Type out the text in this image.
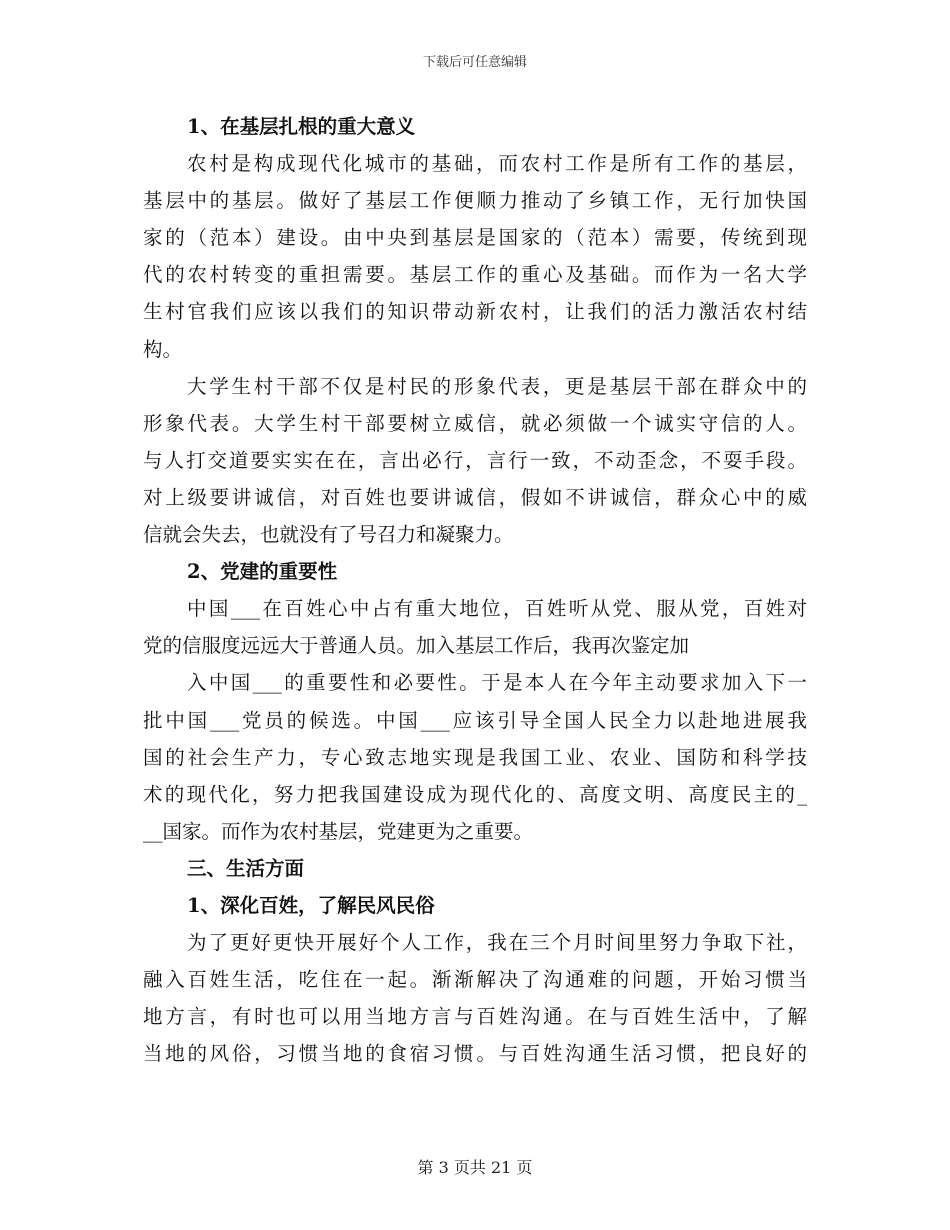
下载后可任意编辑
1、在基层扎根的重大意义
农村是构成现代化城市的基础，而农村工作是所有工作的基层，
基层中的基层。做好了基层工作便顺力推动了乡镇工作，无行加快国
家的（范本）建设。由中央到基层是国家的（范本）需要，传统到现
代的农村转变的重担需要。基层工作的重心及基础。而作为一名大学
生村官我们应该以我们的知识带动新农村，让我们的活力激活农村结
构。
大学生村干部不仅是村民的形象代表，更是基层干部在群众中的
形象代表。大学生村干部要树立威信，就必须做一个诚实守信的人。
与人打交道要实实在在，言出必行，言行一致，不动歪念，不耍手段。
对上级要讲诚信，对百姓也要讲诚信，假如不讲诚信，群众心中的威
信就会失去，也就没有了号召力和凝聚力。
2、党建的重要性
中国___在百姓心中占有重大地位，百姓听从党、服从党，百姓对
党的信服度远远大于普通人员。加入基层工作后，我再次鉴定加
入中国___的重要性和必要性。于是本人在今年主动要求加入下一
批中国___党员的候选。中国___应该引导全国人民全力以赴地进展我
国的社会生产力，专心致志地实现是我国工业、农业、国防和科学技
术的现代化，努力把我国建设成为现代化的、高度文明、高度民主的_
__国家。而作为农村基层，党建更为之重要。
三、生活方面
1、深化百姓，了解民风民俗
为了更好更快开展好个人工作，我在三个月时间里努力争取下社，
融入百姓生活，吃住在一起。渐渐解决了沟通难的问题，开始习惯当
地方言，有时也可以用当地方言与百姓沟通。在与百姓生活中，了解
当地的风俗，习惯当地的食宿习惯。与百姓沟通生活习惯，把良好的
第 3 页共 21 页
